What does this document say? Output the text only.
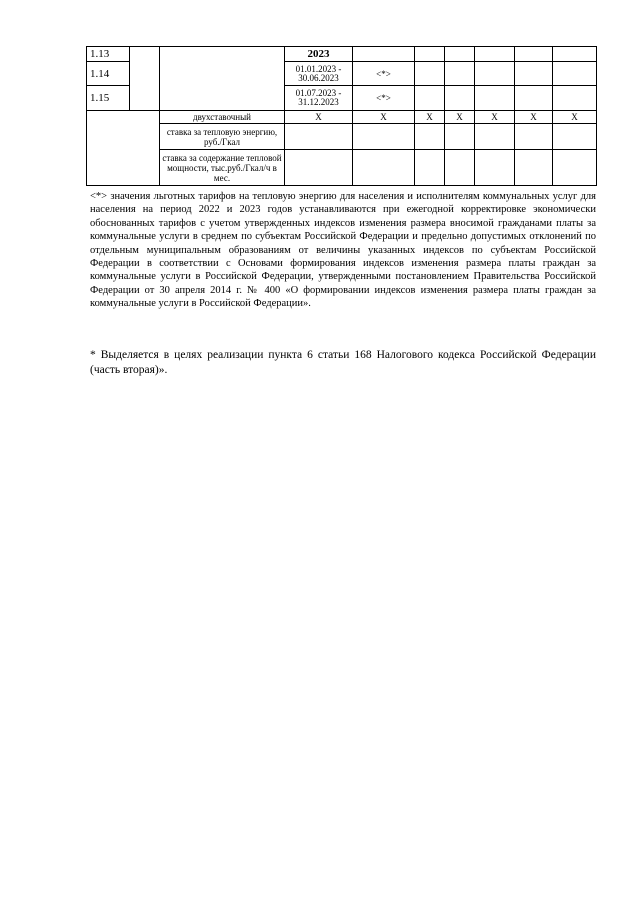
1.13			2023						
1.14			01.01.2023 - 30.06.2023	<*>					
1.15			01.07.2023 - 31.12.2023	<*>					
		двухставочный	X	X	X	X	X	X	X
		ставка за тепловую энергию, руб./Гкал							
		ставка за содержание тепловой мощности, тыс.руб./Гкал/ч в мес.							

<*> значения льготных тарифов на тепловую энергию для населения и исполнителям коммунальных услуг для населения на период 2022 и 2023 годов устанавливаются при ежегодной корректировке экономически обоснованных тарифов с учетом утвержденных индексов изменения размера вносимой гражданами платы за коммунальные услуги в среднем по субъектам Российской Федерации и предельно допустимых отклонений по отдельным муниципальным образованиям от величины указанных индексов по субъектам Российской Федерации в соответствии с Основами формирования индексов изменения размера платы граждан за коммунальные услуги в Российской Федерации, утвержденными постановлением Правительства Российской Федерации от 30 апреля 2014 г. № 400 «О формировании индексов изменения размера платы граждан за коммунальные услуги в Российской Федерации».

* Выделяется в целях реализации пункта 6 статьи 168 Налогового кодекса Российской Федерации (часть вторая)».
